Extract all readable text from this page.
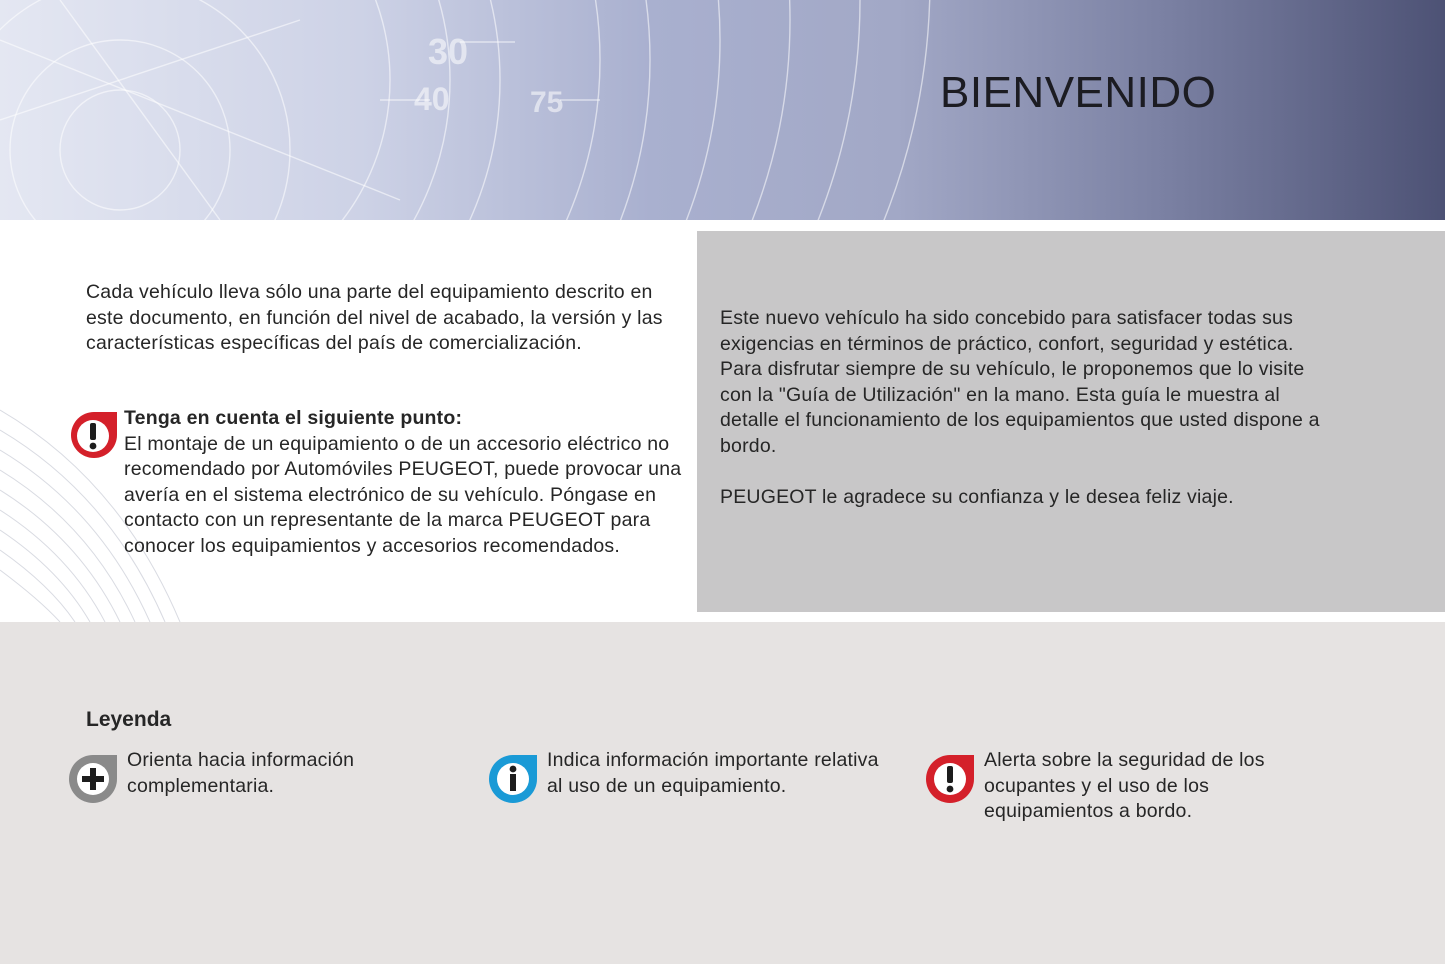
30
40	75	BIENVENIDO
Cada vehículo lleva sólo una parte del equipamiento descrito en este documento, en función del nivel de acabado, la versión y las características específicas del país de comercialización.
Tenga en cuenta el siguiente punto:
El montaje de un equipamiento o de un accesorio eléctrico no recomendado por Automóviles PEUGEOT, puede provocar una avería en el sistema electrónico de su vehículo. Póngase en contacto con un representante de la marca PEUGEOT para conocer los equipamientos y accesorios recomendados.

Este nuevo vehículo ha sido concebido para satisfacer todas sus exigencias en términos de práctico, confort, seguridad y estética. Para disfrutar siempre de su vehículo, le proponemos que lo visite con la "Guía de Utilización" en la mano. Esta guía le muestra al detalle el funcionamiento de los equipamientos que usted dispone a bordo.

PEUGEOT le agradece su confianza y le desea feliz viaje.

Leyenda
Orienta hacia información complementaria.
Indica información importante relativa al uso de un equipamiento.
Alerta sobre la seguridad de los ocupantes y el uso de los equipamientos a bordo.
